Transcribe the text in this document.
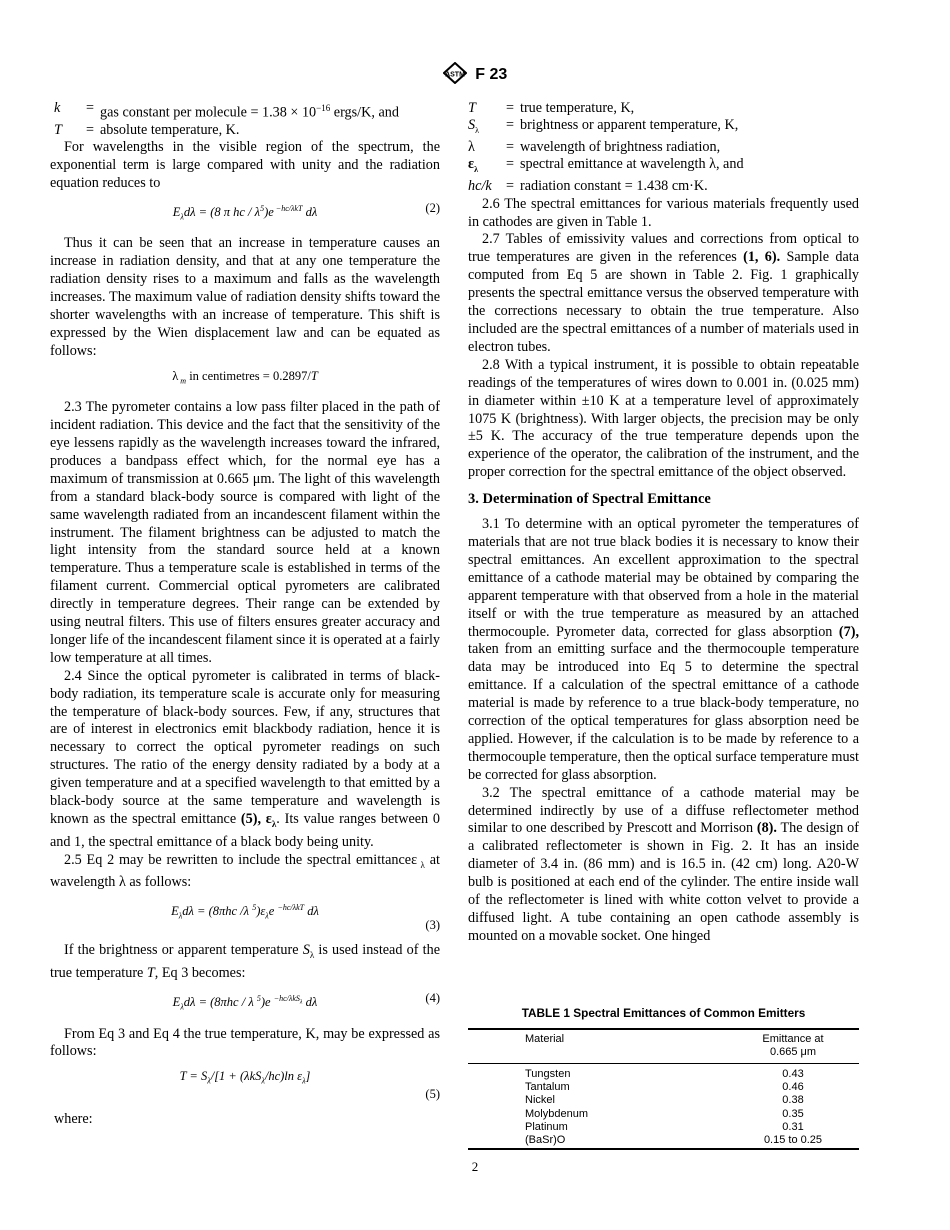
ASTM F 23
k	=	gas constant per molecule = $1.38 \times 10^{-16}$ ergs/K, and
T	=	absolute temperature, K.

For wavelengths in the visible region of the spectrum, the exponential term is large compared with unity and the radiation equation reduces to

$E_\lambda d\lambda = (8$ π hc / $\lambda^5)e$ $^{-hc/\lambda kT}$ dλ	(2)

Thus it can be seen that an increase in temperature causes an increase in radiation density, and that at any one temperature the radiation density rises to a maximum and falls as the wavelength increases. The maximum value of radiation density shifts toward the shorter wavelengths with an increase of temperature. This shift is expressed by the Wien displacement law and can be equated as follows:

λ $_m$ in centimetres = 0.2897/T

2.3 The pyrometer contains a low pass filter placed in the path of incident radiation. This device and the fact that the sensitivity of the eye lessens rapidly as the wavelength increases toward the infrared, produces a bandpass effect which, for the normal eye has a maximum of transmission at 0.665 μm. The light of this wavelength from a standard black-body source is compared with light of the same wavelength radiated from an incandescent filament within the instrument. The filament brightness can be adjusted to match the light intensity from the standard source held at a known temperature. Thus a temperature scale is established in terms of the filament current. Commercial optical pyrometers are calibrated directly in temperature degrees. Their range can be extended by using neutral filters. This use of filters ensures greater accuracy and longer life of the incandescent filament since it is operated at a fairly low temperature at all times.

2.4 Since the optical pyrometer is calibrated in terms of black-body radiation, its temperature scale is accurate only for measuring the temperature of black-body sources. Few, if any, structures that are of interest in electronics emit blackbody radiation, hence it is necessary to correct the optical pyrometer readings on such structures. The ratio of the energy density radiated by a body at a given temperature and at a specified wavelength to that emitted by a black-body source at the same temperature and wavelength is known as the spectral emittance (5), $\varepsilon_\lambda$. Its value ranges between 0 and 1, the spectral emittance of a black body being unity.

2.5 Eq 2 may be rewritten to include the spectral emittanceε $_\lambda$ at wavelength λ as follows:

$E_\lambda d\lambda = (8\pi hc$ /λ $^5)\varepsilon_\lambda e$ $^{-hc/\lambda kT}$ dλ
(3)

If the brightness or apparent temperature $S_\lambda$ is used instead of the true temperature T, Eq 3 becomes:

$E_\lambda d\lambda = (8\pi hc / \lambda$ $^5$)e $^{-hc/\lambda kS_\lambda}$ dλ	(4)

From Eq 3 and Eq 4 the true temperature, K, may be expressed as follows:

$T = S_\lambda/[1 + (\lambda kS_\lambda/hc)\ln$ $\varepsilon_\lambda$]
(5)

where:

T	=	true temperature, K,
$S_\lambda$	=	brightness or apparent temperature, K,
λ	=	wavelength of brightness radiation,
$\varepsilon_\lambda$	=	spectral emittance at wavelength λ, and
hc/k	=	radiation constant = 1.438 cm·K.

2.6 The spectral emittances for various materials frequently used in cathodes are given in Table 1.

2.7 Tables of emissivity values and corrections from optical to true temperatures are given in the references (1, 6). Sample data computed from Eq 5 are shown in Table 2. Fig. 1 graphically presents the spectral emittance versus the observed temperature with the corrections necessary to obtain the true temperature. Also included are the spectral emittances of a number of materials used in electron tubes.

2.8 With a typical instrument, it is possible to obtain repeatable readings of the temperatures of wires down to 0.001 in. (0.025 mm) in diameter within ±10 K at a temperature level of approximately 1075 K (brightness). With larger objects, the precision may be only ±5 K. The accuracy of the true temperature depends upon the experience of the operator, the calibration of the instrument, and the proper correction for the spectral emittance of the object observed.

3. Determination of Spectral Emittance

3.1 To determine with an optical pyrometer the temperatures of materials that are not true black bodies it is necessary to know their spectral emittances. An excellent approximation to the spectral emittance of a cathode material may be obtained by comparing the apparent temperature with that observed from a hole in the material itself or with the true temperature as measured by an attached thermocouple. Pyrometer data, corrected for glass absorption (7), taken from an emitting surface and the thermocouple temperature data may be introduced into Eq 5 to determine the spectral emittance. If a calculation of the spectral emittance of a cathode material is made by reference to a true black-body temperature, no correction of the optical temperatures for glass absorption need be applied. However, if the calculation is to be made by reference to a thermocouple temperature, then the optical surface temperature must be corrected for glass absorption.

3.2 The spectral emittance of a cathode material may be determined indirectly by use of a diffuse reflectometer method similar to one described by Prescott and Morrison (8). The design of a calibrated reflectometer is shown in Fig. 2. It has an inside diameter of 3.4 in. (86 mm) and is 16.5 in. (42 cm) long. A20-W bulb is positioned at each end of the cylinder. The entire inside wall of the reflectometer is lined with white cotton velvet to provide a diffused light. A tube containing an open cathode assembly is mounted on a movable socket. One hinged

TABLE 1 Spectral Emittances of Common Emitters
Material	Emittance at
0.665 μm
Tungsten	0.43
Tantalum	0.46
Nickel	0.38
Molybdenum	0.35
Platinum	0.31
(BaSr)O	0.15 to 0.25
2
